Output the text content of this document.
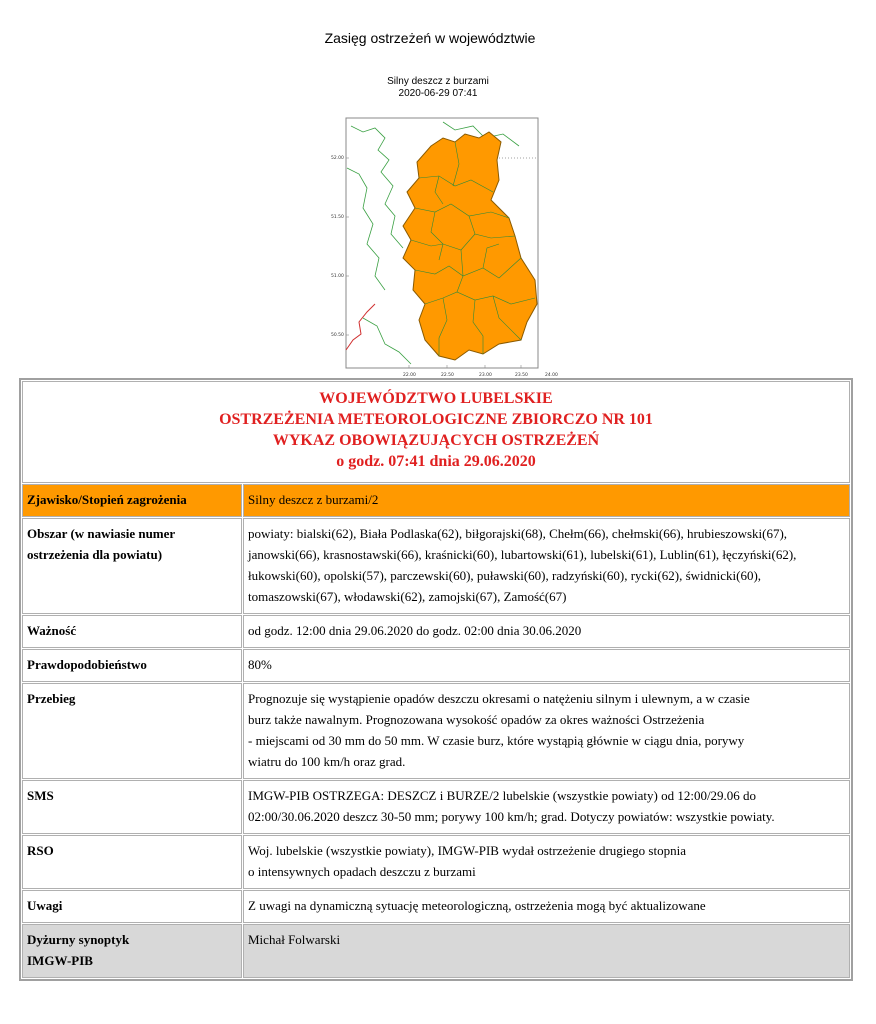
Zasięg ostrzeżeń w województwie
Silny deszcz z burzami
2020-06-29 07:41
52.00
51.50
51.00
50.50
22.00	22.50	23.00	23.50	24.00
WOJEWÓDZTWO LUBELSKIE
OSTRZEŻENIA METEOROLOGICZNE ZBIORCZO NR 101
WYKAZ OBOWIĄZUJĄCYCH OSTRZEŻEŃ
o godz. 07:41 dnia 29.06.2020	

Zjawisko/Stopień zagrożenia	Silny deszcz z burzami/2
Obszar (w nawiasie numer ostrzeżenia dla powiatu)	powiaty: bialski(62), Biała Podlaska(62), biłgorajski(68), Chełm(66), chełmski(66), hrubieszowski(67), janowski(66), krasnostawski(66), kraśnicki(60), lubartowski(61), lubelski(61), Lublin(61), łęczyński(62), łukowski(60), opolski(57), parczewski(60), puławski(60), radzyński(60), rycki(62), świdnicki(60), tomaszowski(67), włodawski(62), zamojski(67), Zamość(67)
Ważność	od godz. 12:00 dnia 29.06.2020 do godz. 02:00 dnia 30.06.2020
Prawdopodobieństwo	80%
Przebieg	Prognozuje się wystąpienie opadów deszczu okresami o natężeniu silnym i ulewnym, a w czasie
burz także nawalnym. Prognozowana wysokość opadów za okres ważności Ostrzeżenia
- miejscami od 30 mm do 50 mm. W czasie burz, które wystąpią głównie w ciągu dnia, porywy
wiatru do 100 km/h oraz grad.

SMS	IMGW-PIB OSTRZEGA: DESZCZ i BURZE/2 lubelskie (wszystkie powiaty) od 12:00/29.06 do 02:00/30.06.2020 deszcz 30-50 mm; porywy 100 km/h; grad. Dotyczy powiatów: wszystkie powiaty.
RSO	Woj. lubelskie (wszystkie powiaty), IMGW-PIB wydał ostrzeżenie drugiego stopnia
o intensywnych opadach deszczu z burzami

Uwagi	Z uwagi na dynamiczną sytuację meteorologiczną, ostrzeżenia mogą być aktualizowane

Dyżurny synoptyk
IMGW-PIB	Michał Folwarski
